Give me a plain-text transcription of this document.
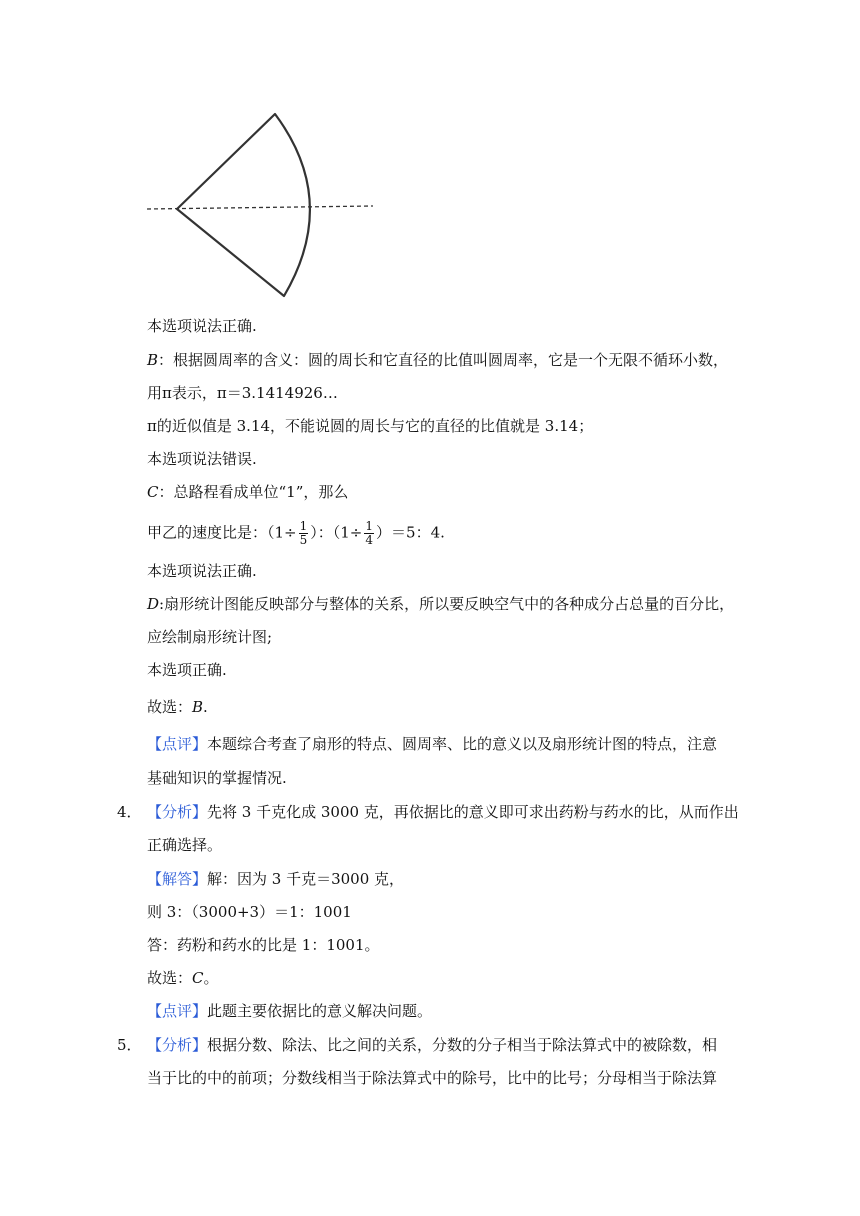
本选项说法正确.
B：根据圆周率的含义：圆的周长和它直径的比值叫圆周率，它是一个无限不循环小数，
用π表示，π＝3.1414926…
π的近似值是 3.14，不能说圆的周长与它的直径的比值就是 3.14；
本选项说法错误.
C：总路程看成单位“1”，那么
甲乙的速度比是：（$1\div \frac{1}{5}$ ）：$(1\div \frac{1}{4} )=5$：4.
本选项说法正确.
D:扇形统计图能反映部分与整体的关系，所以要反映空气中的各种成分占总量的百分比，
应绘制扇形统计图;
本选项正确.
故选：B.
【点评】本题综合考查了扇形的特点、圆周率、比的意义以及扇形统计图的特点，注意
基础知识的掌握情况.
4． 【分析】先将 3 千克化成 3000 克，再依据比的意义即可求出药粉与药水的比，从而作出
正确选择。
【解答】解：因为 3 千克＝3000 克，
则 3：（3000+3）＝1：1001
答：药粉和药水的比是 1：1001。
故选：C。
【点评】此题主要依据比的意义解决问题。
5． 【分析】根据分数、除法、比之间的关系，分数的分子相当于除法算式中的被除数，相
当于比的中的前项；分数线相当于除法算式中的除号，比中的比号；分母相当于除法算
